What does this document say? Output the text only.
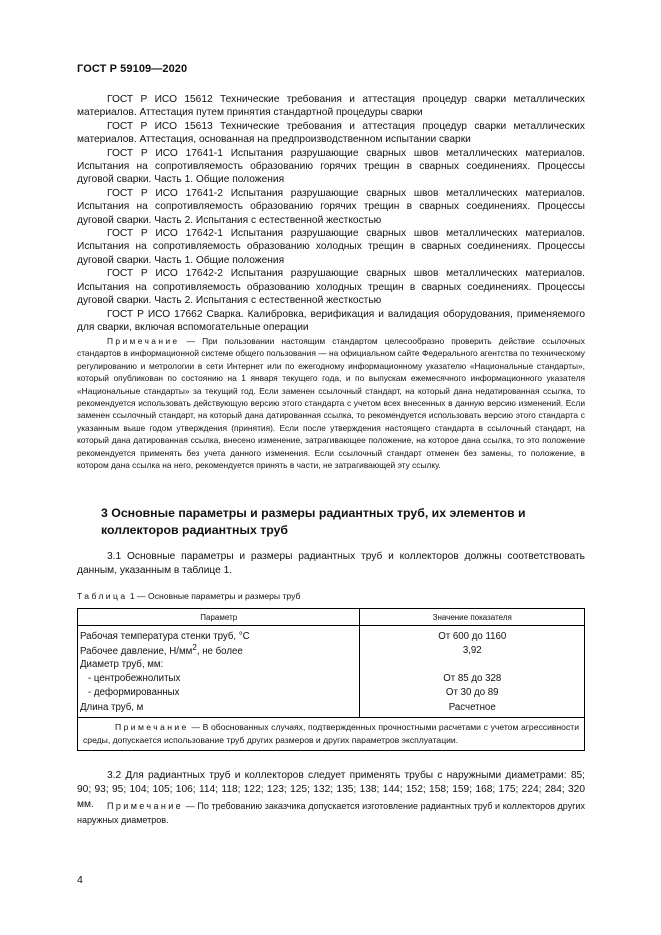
ГОСТ Р 59109—2020

ГОСТ Р ИСО 15612 Технические требования и аттестация процедур сварки металлических материалов. Аттестация путем принятия стандартной процедуры сварки

ГОСТ Р ИСО 15613 Технические требования и аттестация процедур сварки металлических материалов. Аттестация, основанная на предпроизводственном испытании сварки

ГОСТ Р ИСО 17641-1 Испытания разрушающие сварных швов металлических материалов. Испытания на сопротивляемость образованию горячих трещин в сварных соединениях. Процессы дуговой сварки. Часть 1. Общие положения

ГОСТ Р ИСО 17641-2 Испытания разрушающие сварных швов металлических материалов. Испытания на сопротивляемость образованию горячих трещин в сварных соединениях. Процессы дуговой сварки. Часть 2. Испытания с естественной жесткостью

ГОСТ Р ИСО 17642-1 Испытания разрушающие сварных швов металлических материалов. Испытания на сопротивляемость образованию холодных трещин в сварных соединениях. Процессы дуговой сварки. Часть 1. Общие положения

ГОСТ Р ИСО 17642-2 Испытания разрушающие сварных швов металлических материалов. Испытания на сопротивляемость образованию холодных трещин в сварных соединениях. Процессы дуговой сварки. Часть 2. Испытания с естественной жесткостью

ГОСТ Р ИСО 17662 Сварка. Калибровка, верификация и валидация оборудования, применяемого для сварки, включая вспомогательные операции

Примечание — При пользовании настоящим стандартом целесообразно проверить действие ссылочных стандартов в информационной системе общего пользования — на официальном сайте Федерального агентства по техническому регулированию и метрологии в сети Интернет или по ежегодному информационному указателю «Национальные стандарты», который опубликован по состоянию на 1 января текущего года, и по выпускам ежемесячного информационного указателя «Национальные стандарты» за текущий год. Если заменен ссылочный стандарт, на который дана недатированная ссылка, то рекомендуется использовать действующую версию этого стандарта с учетом всех внесенных в данную версию изменений. Если заменен ссылочный стандарт, на который дана датированная ссылка, то рекомендуется использовать версию этого стандарта с указанным выше годом утверждения (принятия). Если после утверждения настоящего стандарта в ссылочный стандарт, на который дана датированная ссылка, внесено изменение, затрагивающее положение, на которое дана ссылка, то это положение рекомендуется применять без учета данного изменения. Если ссылочный стандарт отменен без замены, то положение, в котором дана ссылка на него, рекомендуется принять в части, не затрагивающей эту ссылку.

3 Основные параметры и размеры радиантных труб, их элементов и коллекторов радиантных труб

3.1 Основные параметры и размеры радиантных труб и коллекторов должны соответствовать данным, указанным в таблице 1.

Таблица 1 — Основные параметры и размеры труб
Параметр	Значение показателя
Рабочая температура стенки труб, °С	От 600 до 1160
Рабочее давление, $Н/мм^2$, не более	3,92
Диаметр труб, мм:	
- центробежнолитых	От 85 до 328
- деформированных	От 30 до 89
Длина труб, м	Расчетное
Примечание — В обоснованных случаях, подтвержденных прочностными расчетами с учетом агрессивности среды, допускается использование труб других размеров и других параметров эксплуатации.	

3.2 Для радиантных труб и коллекторов следует применять трубы с наружными диаметрами: 85; 90; 93; 95; 104; 105; 106; 114; 118; 122; 123; 125; 132; 135; 138; 144; 152; 158; 159; 168; 175; 224; 284; 320 мм.	Примечание — По требованию заказчика допускается изготовление радиантных труб и коллекторов других наружных диаметров.

4
